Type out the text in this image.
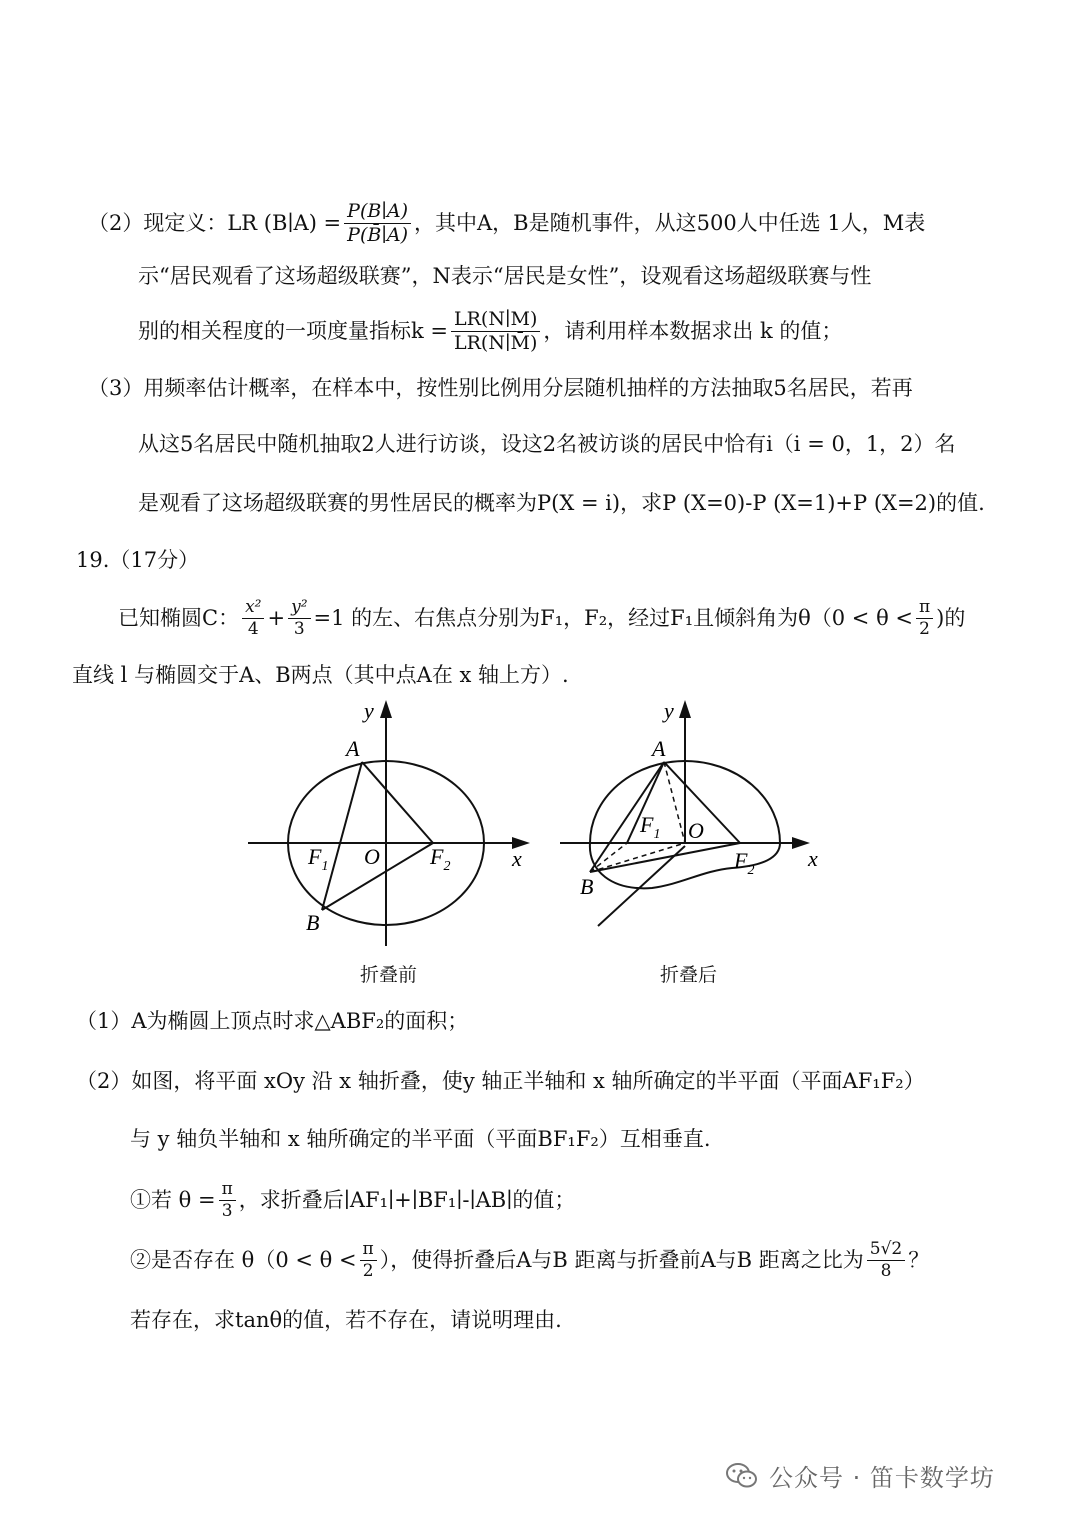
（2）现定义：LR (B∣A) = $\frac{P(B∣A)}{P(B̄∣A)}$ ，其中A，B是随机事件，从这500人中任选 1人，M表
示“居民观看了这场超级联赛”，N表示“居民是女性”，设观看这场超级联赛与性
别的相关程度的一项度量指标$k = \frac{LR(N∣M)}{LR(N∣M̄)}$ ，请利用样本数据求出 k 的值；
（3）用频率估计概率，在样本中，按性别比例用分层随机抽样的方法抽取5名居民，若再
从这5名居民中随机抽取2人进行访谈，设这2名被访谈的居民中恰有i（i = 0，1，2）名
是观看了这场超级联赛的男性居民的概率为P(X = i)，求P (X=0)-P (X=1)+P (X=2)的值.
19.（17分）
已知椭圆C： $\frac{\text{x²}}{4} + \frac{\text{y²}}{3} =1$ 的左、右焦点分别为F₁，F₂，经过F₁且倾斜角为$\theta(0 < \theta < \frac{\pi}{2}$ )的
直线 l 与椭圆交于A、B两点（其中点A在 x 轴上方）.
y
x
A
B
O
$F_1$	$F_2$
折叠前
y
x
A
B
O
$F_1$
$F_2$
折叠后
（1）A为椭圆上顶点时求△ABF₂的面积；
（2）如图，将平面 xOy 沿 x 轴折叠，使y 轴正半轴和 x 轴所确定的半平面（平面AF₁F₂）
与 y 轴负半轴和 x 轴所确定的半平面（平面BF₁F₂）互相垂直.
①若 $\theta = \frac{\pi}{3}$ ，求折叠后∣AF₁∣+∣BF₁∣-∣AB∣的值；
②是否存在 $\theta(0 < \theta < \frac{\pi}{2}$ ），使得折叠后A与B 距离与折叠前A与B 距离之比为 $\frac{5√2}{8}$ ？
若存在，求tanθ的值，若不存在，请说明理由.
公众号 · 笛卡数学坊
